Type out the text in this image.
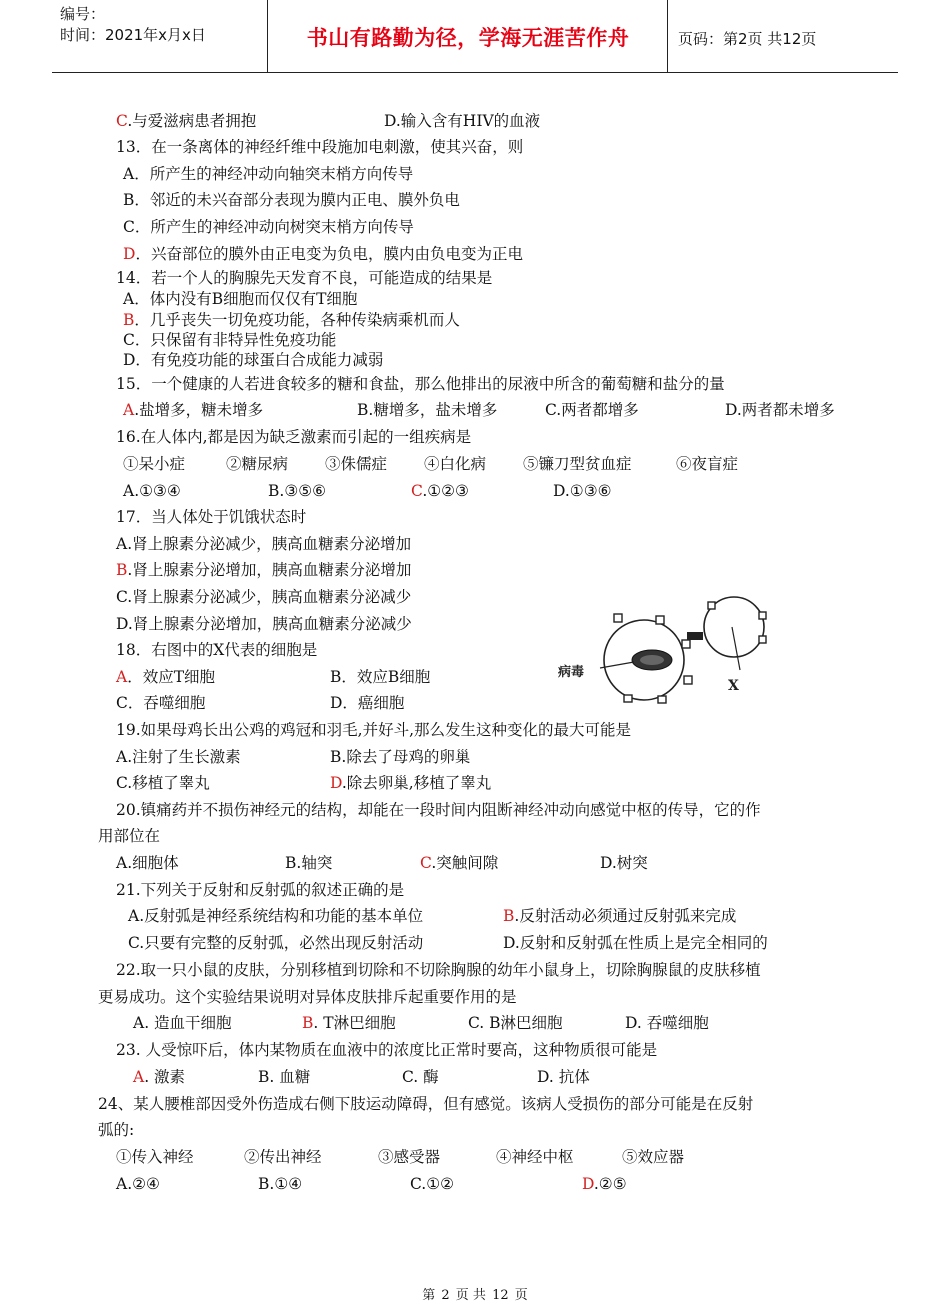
编号：
时间：2021年x月x日	书山有路勤为径，学海无涯苦作舟	页码：第2页 共12页
C.与爱滋病患者拥抱	D.输入含有HIV的血液
13．在一条离体的神经纤维中段施加电刺激，使其兴奋，则
A．所产生的神经冲动向轴突末梢方向传导
B．邻近的未兴奋部分表现为膜内正电、膜外负电
C．所产生的神经冲动向树突末梢方向传导
D．兴奋部位的膜外由正电变为负电，膜内由负电变为正电
14．若一个人的胸腺先天发育不良，可能造成的结果是
A．体内没有B细胞而仅仅有T细胞
B．几乎丧失一切免疫功能，各种传染病乘机而人
C．只保留有非特异性免疫功能
D．有免疫功能的球蛋白合成能力减弱
15．一个健康的人若进食较多的糖和食盐，那么他排出的尿液中所含的葡萄糖和盐分的量
A.盐增多，糖未增多	B.糖增多，盐未增多	C.两者都增多	D.两者都未增多
16.在人体内,都是因为缺乏激素而引起的一组疾病是
①呆小症	②糖尿病 ③侏儒症 ④白化病 ⑤镰刀型贫血症	⑥夜盲症
A.①③④	B.③⑤⑥	C.①②③	D.①③⑥
17．当人体处于饥饿状态时
A.肾上腺素分泌减少，胰高血糖素分泌增加
B.肾上腺素分泌增加，胰高血糖素分泌增加
C.肾上腺素分泌减少，胰高血糖素分泌减少
D.肾上腺素分泌增加，胰高血糖素分泌减少
病毒
X
18．右图中的X代表的细胞是
A．效应T细胞	B．效应B细胞
C．吞噬细胞	D．癌细胞
19.如果母鸡长出公鸡的鸡冠和羽毛,并好斗,那么发生这种变化的最大可能是
A.注射了生长激素	B.除去了母鸡的卵巢
C.移植了睾丸	D.除去卵巢,移植了睾丸
20.镇痛药并不损伤神经元的结构，却能在一段时间内阻断神经冲动向感觉中枢的传导，它的作
用部位在
A.细胞体	B.轴突	C.突触间隙	D.树突
21.下列关于反射和反射弧的叙述正确的是
A.反射弧是神经系统结构和功能的基本单位	B.反射活动必须通过反射弧来完成
C.只要有完整的反射弧，必然出现反射活动	D.反射和反射弧在性质上是完全相同的
22.取一只小鼠的皮肤，分别移植到切除和不切除胸腺的幼年小鼠身上，切除胸腺鼠的皮肤移植
更易成功。这个实验结果说明对异体皮肤排斥起重要作用的是
A. 造血干细胞	B. T淋巴细胞	C. B淋巴细胞	D. 吞噬细胞
23. 人受惊吓后，体内某物质在血液中的浓度比正常时要高，这种物质很可能是
A. 激素	B. 血糖	C. 酶	D. 抗体
24、某人腰椎部因受外伤造成右侧下肢运动障碍，但有感觉。该病人受损伤的部分可能是在反射
弧的:
①传入神经	②传出神经	③感受器	④神经中枢	⑤效应器
A.②④	B.①④	C.①②	D.②⑤
第 2 页 共 12 页
